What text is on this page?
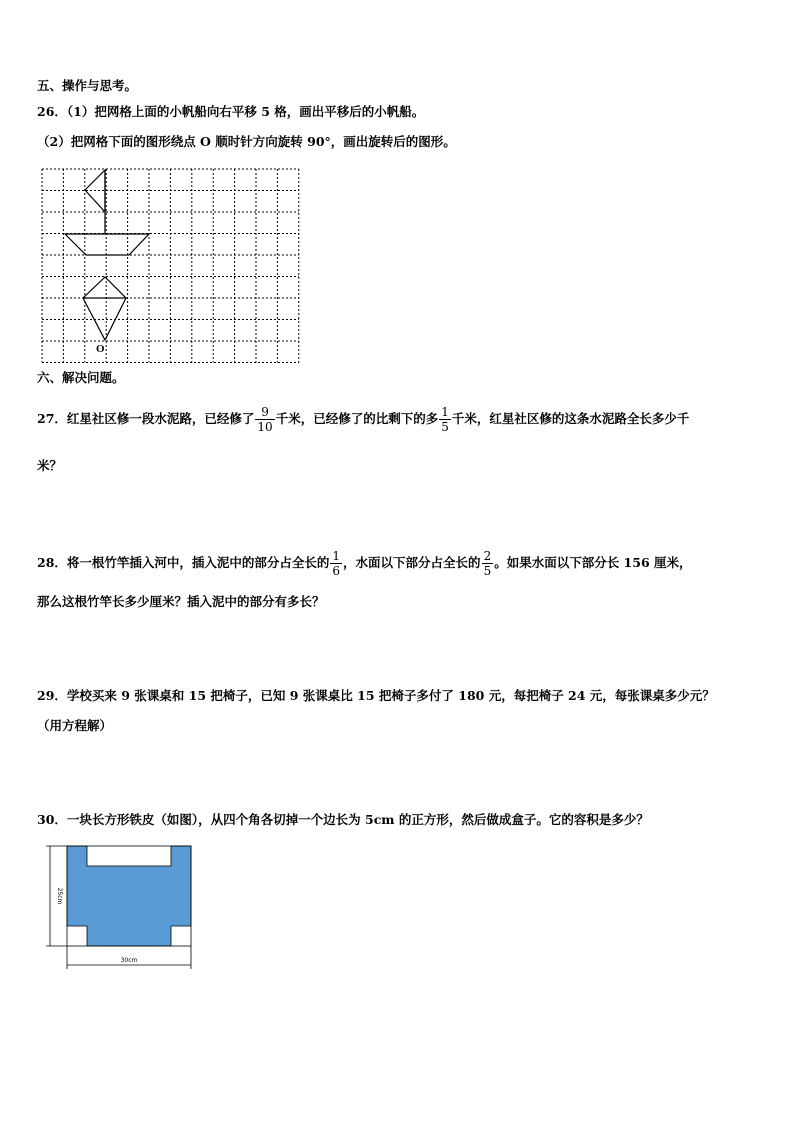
五、操作与思考。
26．（1）把网格上面的小帆船向右平移 5 格，画出平移后的小帆船。
（2）把网格下面的图形绕点 O 顺时针方向旋转 90°，画出旋转后的图形。
O
六、解决问题。
27．红星社区修一段水泥路，已经修了 $\frac{9}{10}$ 千米，已经修了的比剩下的多 $\frac{1}{5}$ 千米，红星社区修的这条水泥路全长多少千
米？
28．将一根竹竿插入河中，插入泥中的部分占全长的 $\frac{1}{6}$ ，水面以下部分占全长的 $\frac{2}{5}$ 。如果水面以下部分长 156 厘米，
那么这根竹竿长多少厘米？插入泥中的部分有多长？
29．学校买来 9 张课桌和 15 把椅子，已知 9 张课桌比 15 把椅子多付了 180 元，每把椅子 24 元，每张课桌多少元？
（用方程解）
30．一块长方形铁皮（如图），从四个角各切掉一个边长为 5cm 的正方形，然后做成盒子。它的容积是多少？
25cm
30cm
